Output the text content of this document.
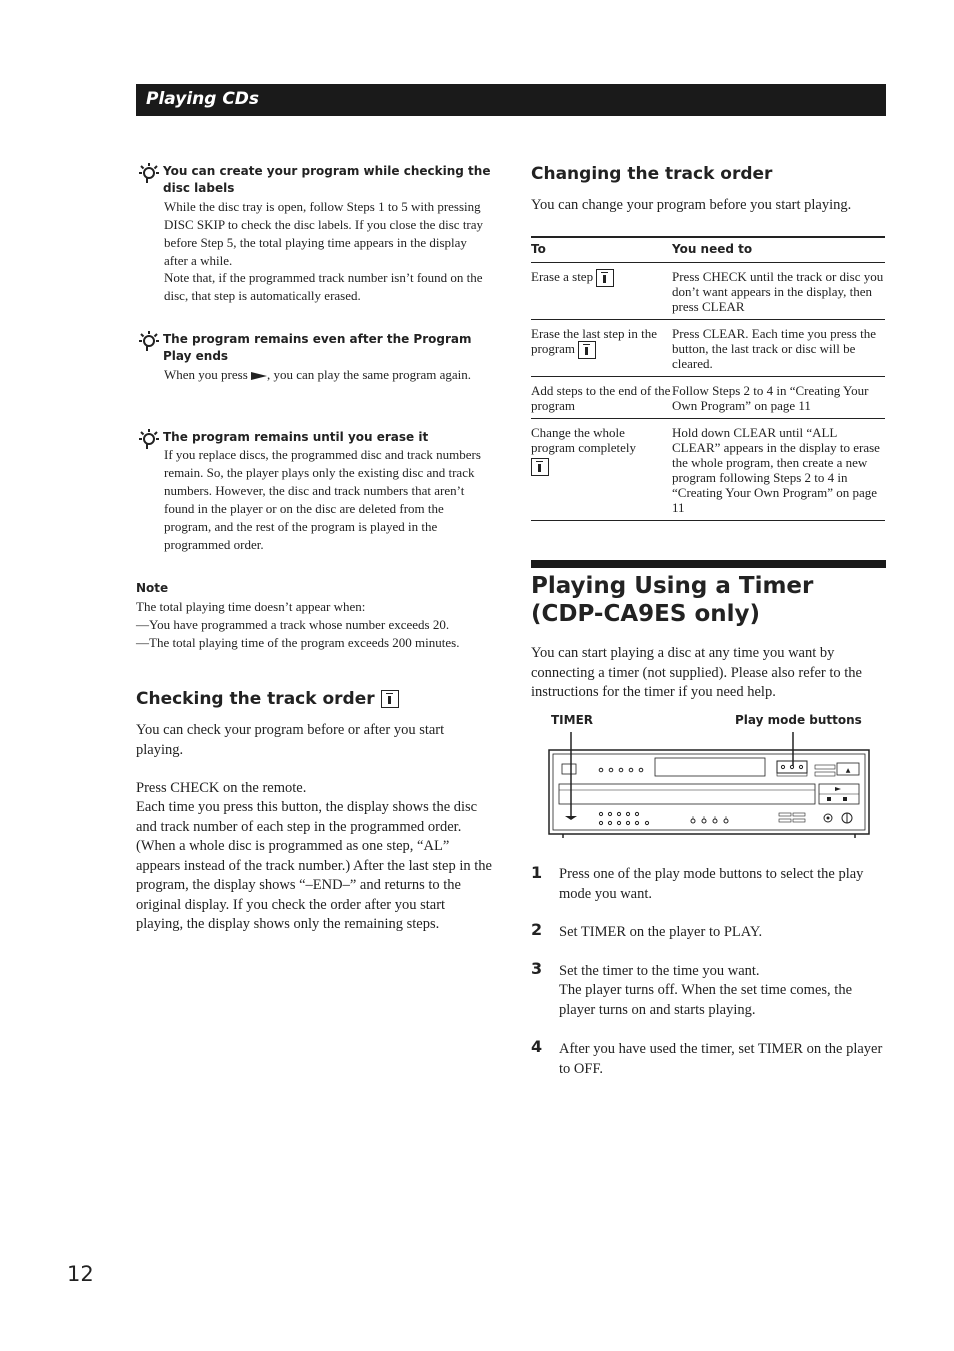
Playing CDs
You can create your program while checking the disc labels
While the disc tray is open, follow Steps 1 to 5 with pressing DISC SKIP to check the disc labels. If you close the disc tray before Step 5, the total playing time appears in the display after a while.
Note that, if the programmed track number isn’t found on the disc, that step is automatically erased.
The program remains even after the Program Play ends
When you press , you can play the same program again.
The program remains until you erase it
If you replace discs, the programmed disc and track numbers remain. So, the player plays only the existing disc and track numbers. However, the disc and track numbers that aren’t found in the player or on the disc are deleted from the program, and the rest of the program is played in the programmed order.
Note
The total playing time doesn’t appear when:
—You have programmed a track whose number exceeds 20.
—The total playing time of the program exceeds 200 minutes.
Checking the track order
You can check your program before or after you start playing.
Press CHECK on the remote.
Each time you press this button, the display shows the disc and track number of each step in the programmed order. (When a whole disc is programmed as one step, “AL” appears instead of the track number.) After the last step in the program, the display shows “–END–” and returns to the original display. If you check the order after you start playing, the display shows only the remaining steps.
Changing the track order
You can change your program before you start playing.
To	You need to
Erase a step	Press CHECK until the track or disc you don’t want appears in the display, then press CLEAR
Erase the last step in the program	Press CLEAR. Each time you press the button, the last track or disc will be cleared.
Add steps to the end of the program	Follow Steps 2 to 4 in “Creating Your Own Program” on page 11

Change the whole program completely	Hold down CLEAR until “ALL CLEAR” appears in the display to erase the whole program, then create a new program following Steps 2 to 4 in “Creating Your Own Program” on page 11
Playing Using a Timer
(CDP-CA9ES only)
You can start playing a disc at any time you want by connecting a timer (not supplied). Please also refer to the instructions for the timer if you need help.
TIMER	Play mode buttons
▲
1 Press one of the play mode buttons to select the play mode you want.
2 Set TIMER on the player to PLAY.
3 Set the timer to the time you want.
The player turns off. When the set time comes, the player turns on and starts playing.
4 After you have used the timer, set TIMER on the player to OFF.
12
